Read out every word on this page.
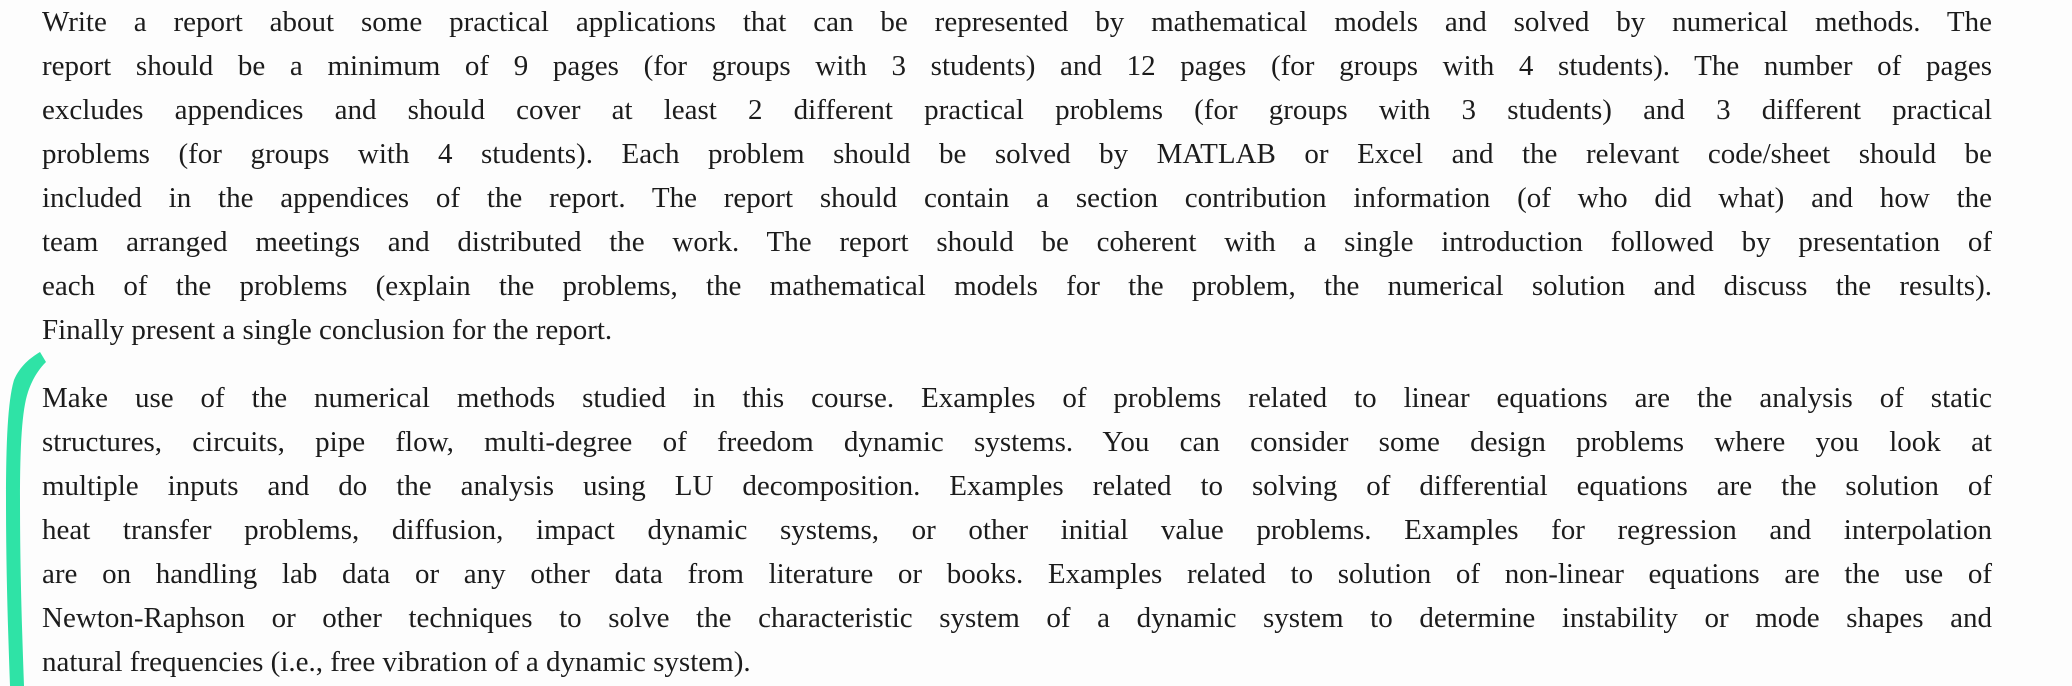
Write a report about some practical applications that can be represented by mathematical models and solved by numerical methods. The
report should be a minimum of 9 pages (for groups with 3 students) and 12 pages (for groups with 4 students). The number of pages
excludes appendices and should cover at least 2 different practical problems (for groups with 3 students) and 3 different practical
problems (for groups with 4 students). Each problem should be solved by MATLAB or Excel and the relevant code/sheet should be
included in the appendices of the report. The report should contain a section contribution information (of who did what) and how the
team arranged meetings and distributed the work. The report should be coherent with a single introduction followed by presentation of
each of the problems (explain the problems, the mathematical models for the problem, the numerical solution and discuss the results).
Finally present a single conclusion for the report.

Make use of the numerical methods studied in this course. Examples of problems related to linear equations are the analysis of static
structures, circuits, pipe flow, multi-degree of freedom dynamic systems. You can consider some design problems where you look at
multiple inputs and do the analysis using LU decomposition. Examples related to solving of differential equations are the solution of
heat transfer problems, diffusion, impact dynamic systems, or other initial value problems. Examples for regression and interpolation
are on handling lab data or any other data from literature or books. Examples related to solution of non-linear equations are the use of
Newton-Raphson or other techniques to solve the characteristic system of a dynamic system to determine instability or mode shapes and
natural frequencies (i.e., free vibration of a dynamic system).
